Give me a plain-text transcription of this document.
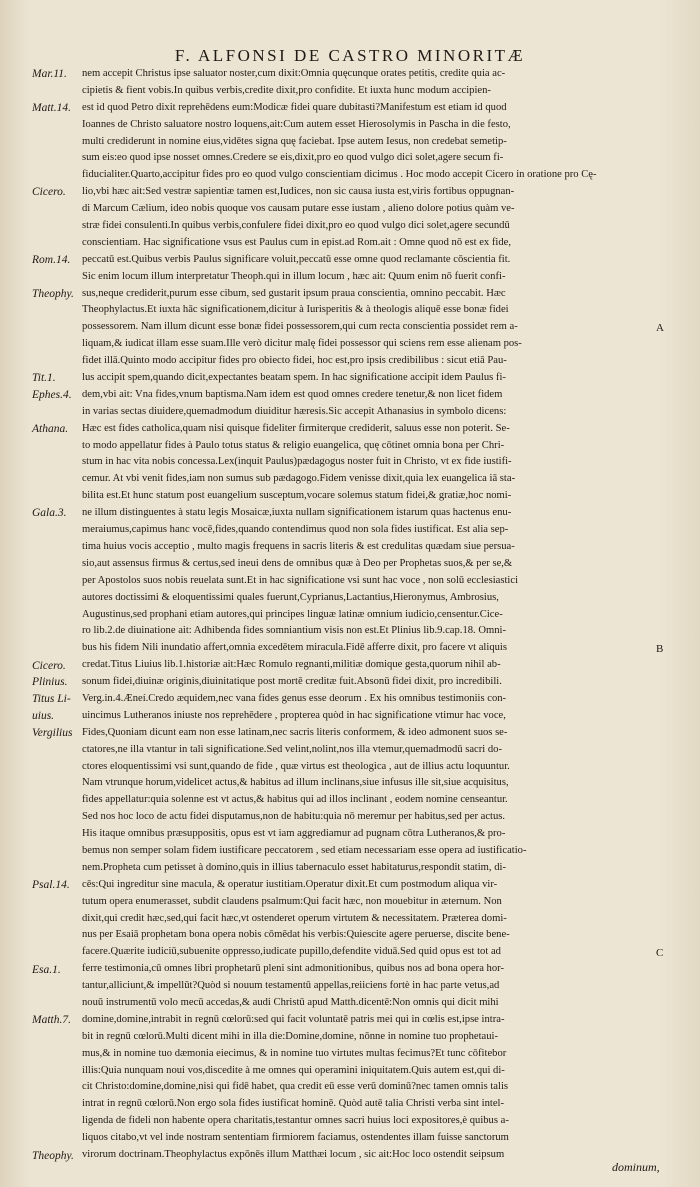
F. ALFONSI DE CASTRO MINORITÆ
Mar.11.
Matt.14.
Cicero.
Rom.14.
Theophy.
Tit.1.
Ephes.4.
Athana.
Gala.3.
Cicero.
Plinius.
Titus Li-
uius.
Vergilius
Psal.14.
Esa.1.
Matth.7.
Theophy.
nem accepit Christus ipse saluator noster,cum dixit:Omnia quęcunque orates petitis, credite quia ac-
cipietis & fient vobis.In quibus verbis,credite dixit,pro confidite. Et iuxta hunc modum accipien-
est id quod Petro dixit reprehēdens eum:Modicæ fidei quare dubitasti?Manifestum est etiam id quod
Ioannes de Christo saluatore nostro loquens,ait:Cum autem esset Hierosolymis in Pascha in die festo,
multi crediderunt in nomine eius,vidētes signa quę faciebat. Ipse autem Iesus, non credebat semetip-
sum eis:eo quod ipse nosset omnes.Credere se eis,dixit,pro eo quod vulgo dici solet,agere secum fi-
fiducialiter.Quarto,accipitur fides pro eo quod vulgo conscientiam dicimus . Hoc modo accepit Cicero in oratione pro Cę-
lio,vbi hæc ait:Sed vestræ sapientiæ tamen est,Iudices, non sic causa iusta est,viris fortibus oppugnan-
di Marcum Cælium, ideo nobis quoque vos causam putare esse iustam , alieno dolore potius quàm ve-
stræ fidei consulenti.In quibus verbis,confulere fidei dixit,pro eo quod vulgo dici solet,agere secundū
conscientiam. Hac significatione vsus est Paulus cum in epist.ad Rom.ait : Omne quod nō est ex fide,
peccatū est.Quibus verbis Paulus significare voluit,peccatū esse omne quod reclamante cōscientia fit.
Sic enim locum illum interpretatur Theoph.qui in illum locum , hæc ait: Quum enim nō fuerit confi-
sus,neque crediderit,purum esse cibum, sed gustarit ipsum praua conscientia, omnino peccabit. Hæc
Theophylactus.Et iuxta hāc significationem,dicitur à Iurisperitis & à theologis aliquē esse bonæ fidei
possessorem. Nam illum dicunt esse bonæ fidei possessorem,qui cum recta conscientia possidet rem a-
liquam,& iudicat illam esse suam.Ille verò dicitur malę fidei possessor qui sciens rem esse alienam pos-
fidet illā.Quinto modo accipitur fides pro obiecto fidei, hoc est,pro ipsis credibilibus : sicut etiā Pau-
lus accipit spem,quando dicit,expectantes beatam spem. In hac significatione accipit idem Paulus fi-
dem,vbi ait: Vna fides,vnum baptisma.Nam idem est quod omnes credere tenetur,& non licet fidem
in varias sectas diuidere,quemadmodum diuiditur hæresis.Sic accepit Athanasius in symbolo dicens:
Hæc est fides catholica,quam nisi quisque fideliter firmiterque crediderit, saluus esse non poterit. Se-
to modo appellatur fides à Paulo totus status & religio euangelica, quę cōtinet omnia bona per Chri-
stum in hac vita nobis concessa.Lex(inquit Paulus)pædagogus noster fuit in Christo, vt ex fide iustifi-
cemur. At vbi venit fides,iam non sumus sub pædagogo.Fidem venisse dixit,quia lex euangelica iā sta-
bilita est.Et hunc statum post euangelium susceptum,vocare solemus statum fidei,& gratiæ,hoc nomi-
ne illum distinguentes à statu legis Mosaicæ,iuxta nullam significationem istarum quas hactenus enu-
meraiumus,capimus hanc vocē,fides,quando contendimus quod non sola fides iustificat. Est alia sep-
tima huius vocis acceptio , multo magis frequens in sacris literis & est credulitas quædam siue persua-
sio,aut assensus firmus & certus,sed ineui dens de omnibus quæ à Deo per Prophetas suos,& per se,&
per Apostolos suos nobis reuelata sunt.Et in hac significatione vsi sunt hac voce , non solū ecclesiastici
autores doctissimi & eloquentissimi quales fuerunt,Cyprianus,Lactantius,Hieronymus, Ambrosius,
Augustinus,sed prophani etiam autores,qui principes linguæ latinæ omnium iudicio,censentur.Cice-
ro lib.2.de diuinatione ait: Adhibenda fides somniantium visis non est.Et Plinius lib.9.cap.18. Omni-
bus his fidem Nili inundatio affert,omnia excedētem miracula.Fidē afferre dixit, pro facere vt aliquis
credat.Titus Liuius lib.1.historiæ ait:Hæc Romulo regnanti,militiæ domique gesta,quorum nihil ab-
sonum fidei,diuinæ originis,diuinitatique post mortē creditæ fuit.Absonū fidei dixit, pro incredibili.
Verg.in.4.Æneí.Credo æquidem,nec vana fides genus esse deorum . Ex his omnibus testimoniis con-
uincimus Lutheranos iniuste nos reprehēdere , propterea quòd in hac significatione vtimur hac voce,
Fides,Quoniam dicunt eam non esse latinam,nec sacris literis conformem, & ideo admonent suos se-
ctatores,ne illa vtantur in tali significatione.Sed velint,nolint,nos illa vtemur,quemadmodū sacri do-
ctores eloquentissimi vsi sunt,quando de fide , quæ virtus est theologica , aut de illius actu loquuntur.
Nam vtrunque horum,videlicet actus,& habitus ad illum inclinans,siue infusus ille sit,siue acquisitus,
fides appellatur:quia solenne est vt actus,& habitus qui ad illos inclinant , eodem nomine censeantur.
Sed nos hoc loco de actu fidei disputamus,non de habitu:quia nō meremur per habitus,sed per actus.
His itaque omnibus præsuppositis, opus est vt iam aggrediamur ad pugnam cōtra Lutheranos,& pro-
bemus non semper solam fidem iustificare peccatorem , sed etiam necessariam esse opera ad iustificatio-
nem.Propheta cum petisset à domino,quis in illius tabernaculo esset habitaturus,respondit statim, di-
cēs:Qui ingreditur sine macula, & operatur iustitiam.Operatur dixit.Et cum postmodum aliqua vir-
tutum opera enumerasset, subdit claudens psalmum:Qui facit hæc, non mouebitur in æternum. Non
dixit,qui credit hæc,sed,qui facit hæc,vt ostenderet operum virtutem & necessitatem. Præterea domi-
nus per Esaiā prophetam bona opera nobis cōmēdat his verbis:Quiescite agere peruerse, discite bene-
facere.Quærite iudiciū,subuenite oppresso,iudicate pupillo,defendite viduā.Sed quid opus est tot ad
ferre testimonia,cū omnes libri prophetarū pleni sint admonitionibus, quibus nos ad bona opera hor-
tantur,alliciunt,& impellūt?Quòd si nouum testamentū appellas,reiiciens fortè in hac parte vetus,ad
nouū instrumentū volo mecū accedas,& audi Christū apud Matth.dicentē:Non omnis qui dicit mihi
domine,domine,intrabit in regnū cœlorū:sed qui facit voluntatē patris mei qui in cœlis est,ipse intra-
bit in regnū cœlorū.Multi dicent mihi in illa die:Domine,domine, nōnne in nomine tuo prophetaui-
mus,& in nomine tuo dæmonia eiecimus, & in nomine tuo virtutes multas fecimus?Et tunc cōfitebor
illis:Quia nunquam noui vos,discedite à me omnes qui operamini iniquitatem.Quis autem est,qui di-
cit Christo:domine,domine,nisi qui fidē habet, qua credit eū esse verū dominū?nec tamen omnis talis
intrat in regnū cœlorū.Non ergo sola fides iustificat hominē. Quòd autē talia Christi verba sint intel-
ligenda de fideli non habente opera charitatis,testantur omnes sacri huius loci expositores,è quibus a-
liquos citabo,vt vel inde nostram sententiam firmiorem faciamus, ostendentes illam fuisse sanctorum
virorum doctrinam.Theophylactus expōnēs illum Matthæi locum , sic ait:Hoc loco ostendit seipsum
A
B
C
dominum,
